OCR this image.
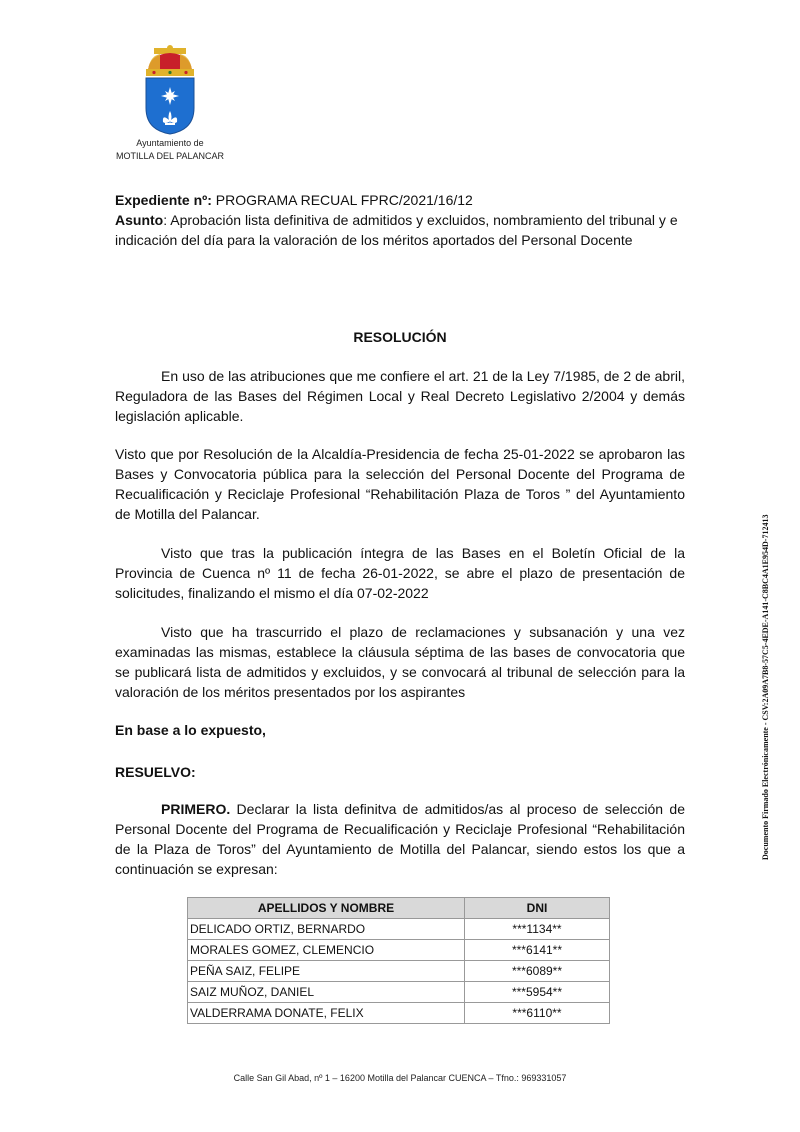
Ayuntamiento de
MOTILLA DEL PALANCAR
Expediente nº: PROGRAMA RECUAL FPRC/2021/16/12
Asunto: Aprobación lista definitiva de admitidos y excluidos, nombramiento del tribunal y e indicación del día para la valoración de los méritos aportados del Personal Docente
RESOLUCIÓN
En uso de las atribuciones que me confiere el art. 21 de la Ley 7/1985, de 2 de abril, Reguladora de las Bases del Régimen Local y Real Decreto Legislativo 2/2004 y demás legislación aplicable.
Visto que por Resolución de la Alcaldía-Presidencia de fecha 25-01-2022 se aprobaron las Bases y Convocatoria pública para la selección del Personal Docente del Programa de Recualificación y Reciclaje Profesional “Rehabilitación Plaza de Toros ” del Ayuntamiento de Motilla del Palancar.
Visto que tras la publicación íntegra de las Bases en el Boletín Oficial de la Provincia de Cuenca nº 11 de fecha 26-01-2022, se abre el plazo de presentación de solicitudes, finalizando el mismo el día 07-02-2022
Visto que ha trascurrido el plazo de reclamaciones y subsanación y una vez examinadas las mismas, establece la cláusula séptima de las bases de convocatoria que se publicará lista de admitidos y excluidos, y se convocará al tribunal de selección para la valoración de los méritos presentados por los aspirantes
En base a lo expuesto,
RESUELVO:
PRIMERO. Declarar la lista definitva de admitidos/as al proceso de selección de Personal Docente del Programa de Recualificación y Reciclaje Profesional “Rehabilitación de la Plaza de Toros” del Ayuntamiento de Motilla del Palancar, siendo estos los que a continuación se expresan:
APELLIDOS Y NOMBRE	DNI
DELICADO ORTIZ, BERNARDO	***1134**
MORALES GOMEZ, CLEMENCIO	***6141**
PEÑA SAIZ, FELIPE	***6089**
SAIZ MUÑOZ, DANIEL	***5954**
VALDERRAMA DONATE, FELIX	***6110**
Documento Firmado Electrónicamente - CSV:2A09A7B8-57C5-4EDE-A141-C8BC4A1E954D-712413
Calle San Gil Abad, nº 1 – 16200 Motilla del Palancar CUENCA – Tfno.: 969331057
